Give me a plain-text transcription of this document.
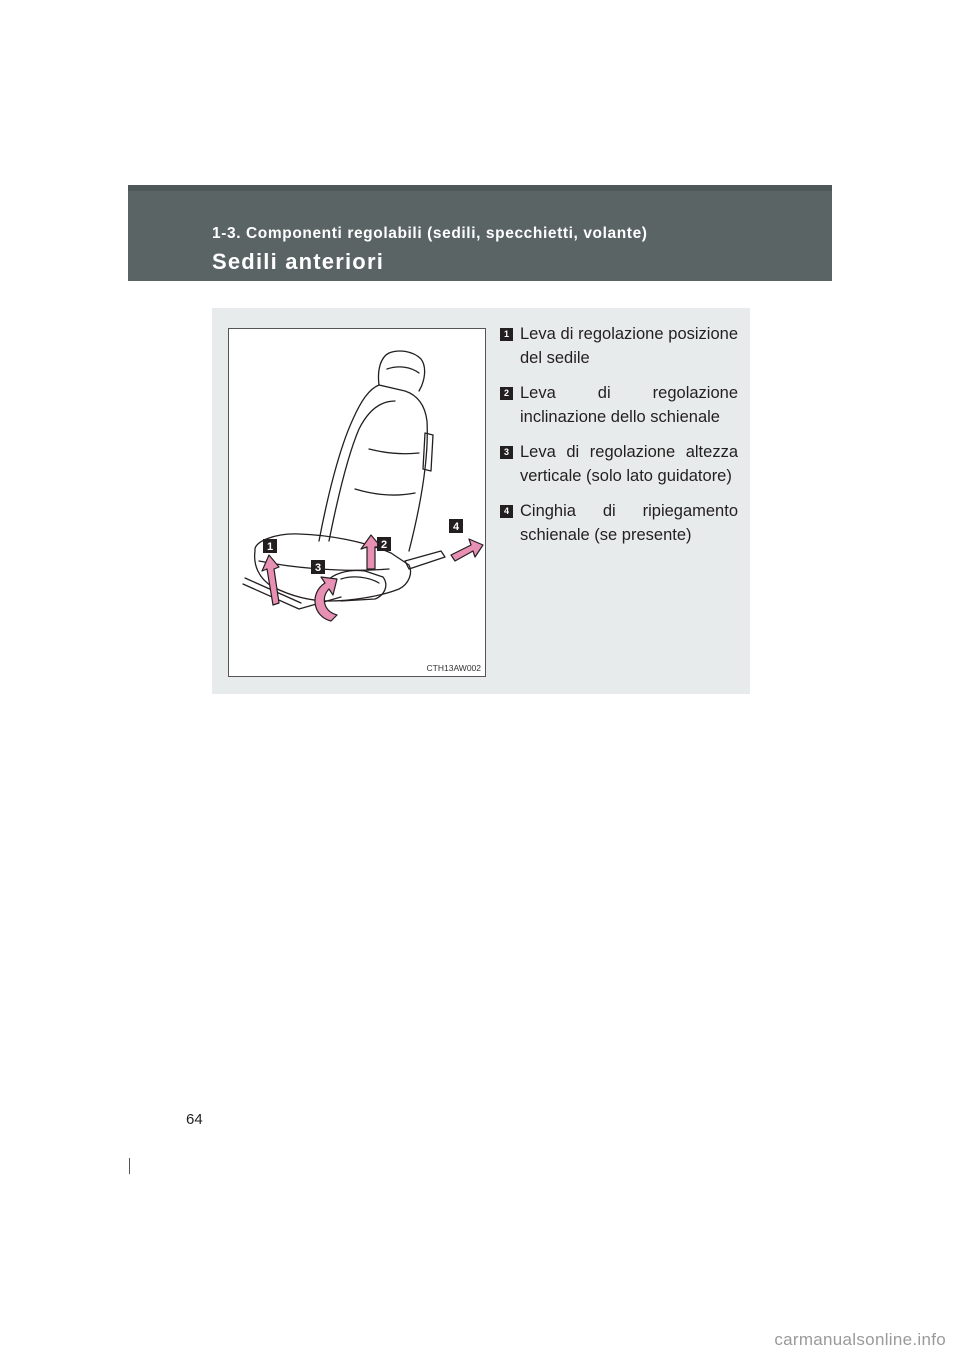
1-3. Componenti regolabili (sedili, specchietti, volante)
Sedili anteriori
1	2
3
4
CTH13AW002
1 Leva di regolazione posizione del sedile
2 Leva di regolazione inclinazione dello schienale
3 Leva di regolazione altezza verticale (solo lato guidatore)
4 Cinghia di ripiegamento schienale (se presente)
64
carmanualsonline.info
